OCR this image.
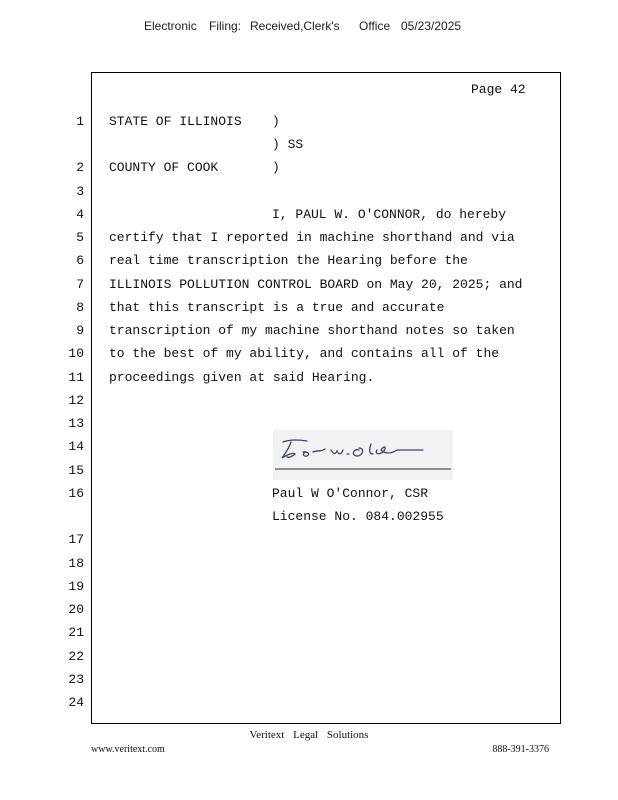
Electronic Filing: Received,Clerk's Office 05/23/2025
Page 42
1
2
3
4
5
6
7
8
9
10
11
12
13
14
15
16
17
18
19
20
21
22
23
24
STATE OF ILLINOIS )
) SS
COUNTY OF COOK	)
I, PAUL W. O'CONNOR, do hereby
certify that I reported in machine shorthand and via
real time transcription the Hearing before the
ILLINOIS POLLUTION CONTROL BOARD on May 20, 2025; and
that this transcript is a true and accurate
transcription of my machine shorthand notes so taken
to the best of my ability, and contains all of the
proceedings given at said Hearing.
Paul W O'Connor, CSR
License No. 084.002955
Veritext Legal Solutions
www.veritext.com	888-391-3376
